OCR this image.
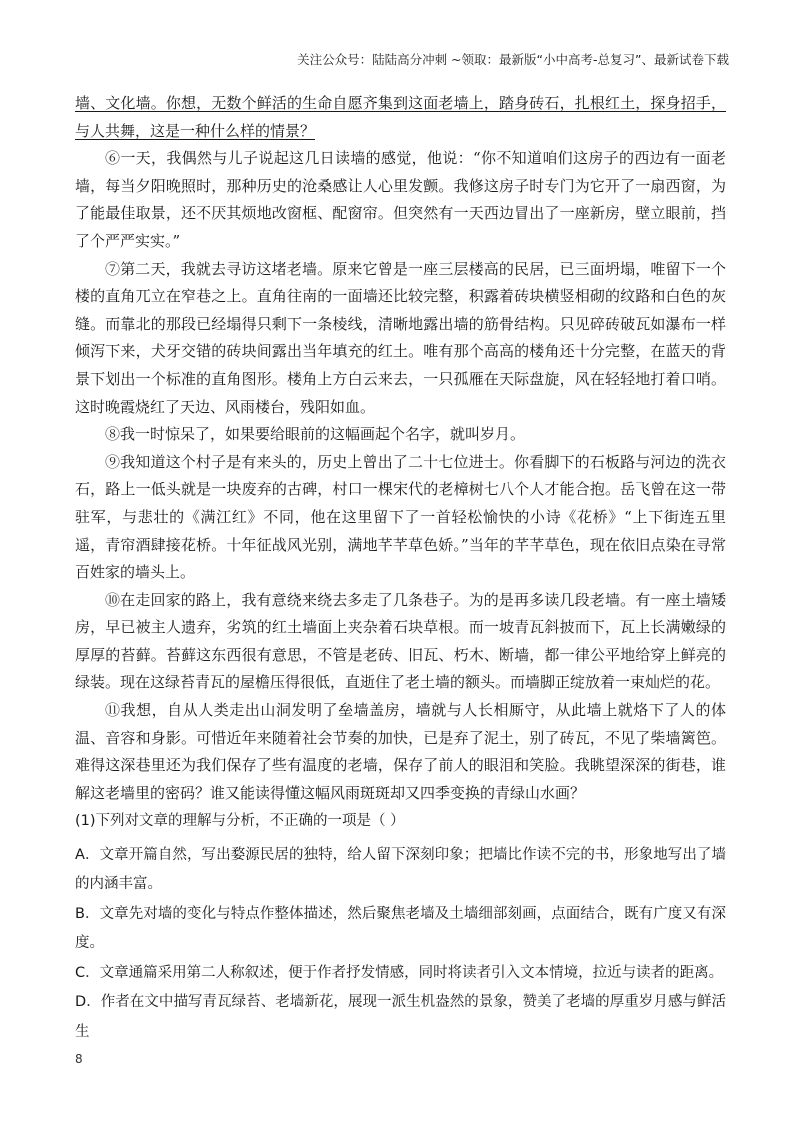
关注公众号：陆陆高分冲刺 ~领取：最新版“小中高考-总复习”、最新试卷下载

墙、文化墙。你想，无数个鲜活的生命自愿齐集到这面老墙上，踏身砖石，扎根红土，探身招手，与人共舞，这是一种什么样的情景？

⑥一天，我偶然与儿子说起这几日读墙的感觉，他说：“你不知道咱们这房子的西边有一面老墙，每当夕阳晚照时，那种历史的沧桑感让人心里发颤。我修这房子时专门为它开了一扇西窗，为了能最佳取景，还不厌其烦地改窗框、配窗帘。但突然有一天西边冒出了一座新房，壁立眼前，挡了个严严实实。”

⑦第二天，我就去寻访这堵老墙。原来它曾是一座三层楼高的民居，已三面坍塌，唯留下一个楼的直角兀立在窄巷之上。直角往南的一面墙还比较完整，积露着砖块横竖相砌的纹路和白色的灰缝。而靠北的那段已经塌得只剩下一条棱线，清晰地露出墙的筋骨结构。只见碎砖破瓦如瀑布一样倾泻下来，犬牙交错的砖块间露出当年填充的红土。唯有那个高高的楼角还十分完整，在蓝天的背景下划出一个标准的直角图形。楼角上方白云来去，一只孤雁在天际盘旋，风在轻轻地打着口哨。这时晚霞烧红了天边、风雨楼台，残阳如血。

⑧我一时惊呆了，如果要给眼前的这幅画起个名字，就叫岁月。

⑨我知道这个村子是有来头的，历史上曾出了二十七位进士。你看脚下的石板路与河边的洗衣石，路上一低头就是一块废弃的古碑，村口一棵宋代的老樟树七八个人才能合抱。岳飞曾在这一带驻军，与悲壮的《满江红》不同，他在这里留下了一首轻松愉快的小诗《花桥》“上下街连五里遥，青帘酒肆接花桥。十年征战风光别，满地芊芊草色娇。”当年的芊芊草色，现在依旧点染在寻常百姓家的墙头上。

⑩在走回家的路上，我有意绕来绕去多走了几条巷子。为的是再多读几段老墙。有一座土墙矮房，早已被主人遗弃，劣筑的红土墙面上夹杂着石块草根。而一坡青瓦斜披而下，瓦上长满嫩绿的厚厚的苔藓。苔藓这东西很有意思，不管是老砖、旧瓦、朽木、断墙，都一律公平地给穿上鲜亮的绿装。现在这绿苔青瓦的屋檐压得很低，直逝住了老土墙的额头。而墙脚正绽放着一束灿烂的花。

⑪我想，自从人类走出山洞发明了垒墙盖房，墙就与人长相厮守，从此墙上就烙下了人的体温、音容和身影。可惜近年来随着社会节奏的加快，已是弃了泥土，别了砖瓦，不见了柴墙篱笆。难得这深巷里还为我们保存了些有温度的老墙，保存了前人的眼泪和笑脸。我眺望深深的街巷，谁解这老墙里的密码？谁又能读得懂这幅风雨斑斑却又四季变换的青绿山水画？

(1)下列对文章的理解与分析，不正确的一项是（ ）

A．文章开篇自然，写出婺源民居的独特，给人留下深刻印象；把墙比作读不完的书，形象地写出了墙的内涵丰富。

B．文章先对墙的变化与特点作整体描述，然后聚焦老墙及土墙细部刻画，点面结合，既有广度又有深度。

C．文章通篇采用第二人称叙述，便于作者抒发情感，同时将读者引入文本情境，拉近与读者的距离。

D．作者在文中描写青瓦绿苔、老墙新花，展现一派生机盎然的景象，赞美了老墙的厚重岁月感与鲜活生

8
